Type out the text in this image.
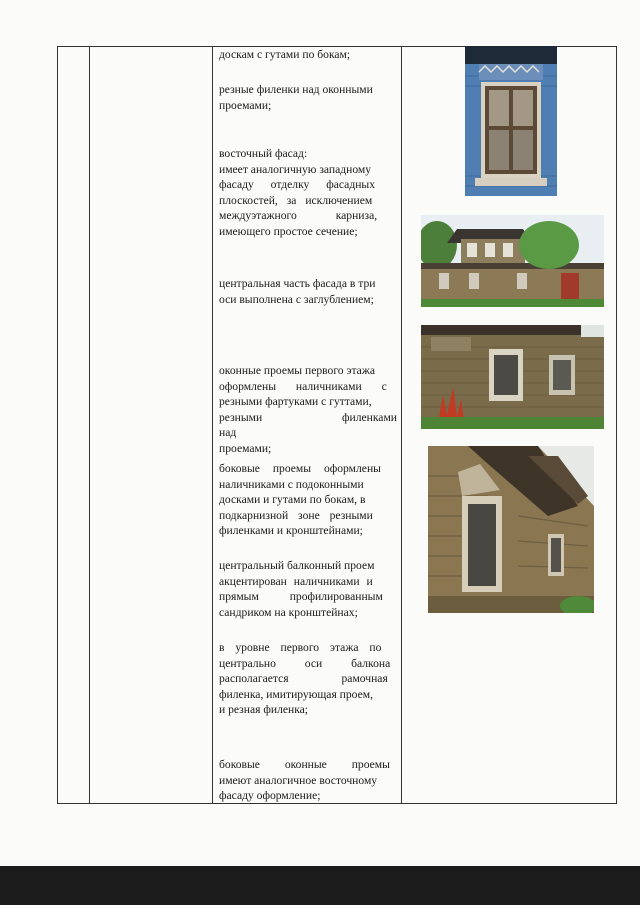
доскам с гутами по бокам;
резные филенки над оконными
проемами;
восточный фасад:
имеет аналогичную западному
фасаду отделку фасадных
плоскостей, за исключением
междуэтажного карниза,
имеющего простое сечение;
центральная часть фасада в три
оси выполнена с заглублением;
оконные проемы первого этажа
оформлены наличниками с
резными фартуками с гуттами,
резными филенками над
проемами;
боковые проемы оформлены
наличниками с подоконными
досками и гутами по бокам, в
подкарнизной зоне резными
филенками и кронштейнами;
центральный балконный проем
акцентирован наличниками и
прямым профилированным
сандриком на кронштейнах;
в уровне первого этажа по
центрально оси балкона
располагается рамочная
филенка, имитирующая проем,
и резная филенка;
боковые оконные проемы
имеют аналогичное восточному
фасаду оформление;
